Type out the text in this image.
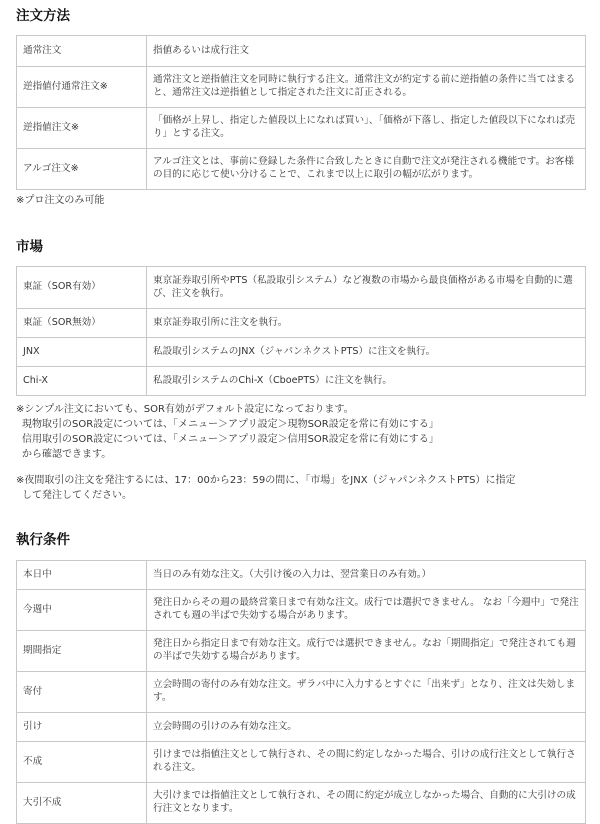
注文方法
通常注文	指値あるいは成行注文
逆指値付通常注文※	通常注文と逆指値注文を同時に執行する注文。通常注文が約定する前に逆指値の条件に当てはまると、通常注文は逆指値として指定された注文に訂正される。
逆指値注文※	「価格が上昇し、指定した値段以上になれば買い」、「価格が下落し、指定した値段以下になれば売り」とする注文。
アルゴ注文※	アルゴ注文とは、事前に登録した条件に合致したときに自動で注文が発注される機能です。お客様の目的に応じて使い分けることで、これまで以上に取引の幅が広がります。

※プロ注文のみ可能

市場
東証（SOR有効）	東京証券取引所やPTS（私設取引システム）など複数の市場から最良価格がある市場を自動的に選び、注文を執行。
東証（SOR無効）	東京証券取引所に注文を執行。
JNX	私設取引システムのJNX（ジャパンネクストPTS）に注文を執行。
Chi-X	私設取引システムのChi-X（CboePTS）に注文を執行。

※シンプル注文においても、SOR有効がデフォルト設定になっております。

現物取引のSOR設定については、「メニュー＞アプリ設定＞現物SOR設定を常に有効にする」

信用取引のSOR設定については、「メニュー＞アプリ設定＞信用SOR設定を常に有効にする」

から確認できます。

※夜間取引の注文を発注するには、17：00から23：59の間に、「市場」をJNX（ジャパンネクストPTS）に指定

して発注してください。

執行条件
本日中	当日のみ有効な注文。（大引け後の入力は、翌営業日のみ有効。）
今週中	発注日からその週の最終営業日まで有効な注文。成行では選択できません。 なお「今週中」で発注されても週の半ばで失効する場合があります。
期間指定	発注日から指定日まで有効な注文。成行では選択できません。なお「期間指定」で発注されても週の半ばで失効する場合があります。
寄付	立会時間の寄付のみ有効な注文。ザラバ中に入力するとすぐに「出来ず」となり、注文は失効します。
引け	立会時間の引けのみ有効な注文。
不成	引けまでは指値注文として執行され、その間に約定しなかった場合、引けの成行注文として執行される注文。
大引不成	大引けまでは指値注文として執行され、その間に約定が成立しなかった場合、自動的に大引けの成行注文となります。
